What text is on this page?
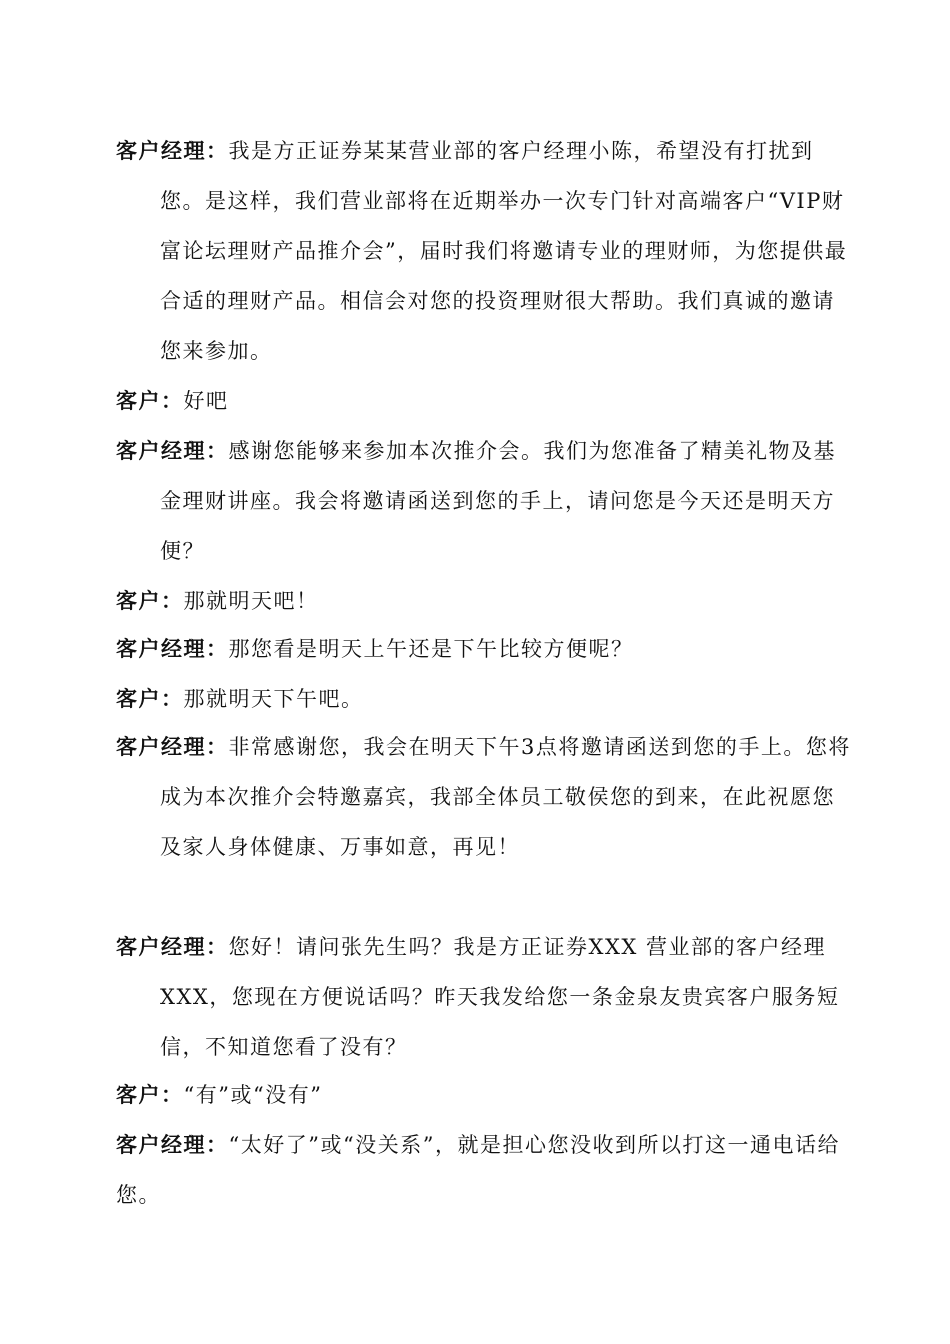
客户经理：我是方正证券某某营业部的客户经理小陈，希望没有打扰到您。是这样，我们营业部将在近期举办一次专门针对高端客户“VIP财富论坛理财产品推介会”，届时我们将邀请专业的理财师，为您提供最合适的理财产品。相信会对您的投资理财很大帮助。我们真诚的邀请您来参加。
客户：好吧
客户经理：感谢您能够来参加本次推介会。我们为您准备了精美礼物及基金理财讲座。我会将邀请函送到您的手上，请问您是今天还是明天方便？
客户：那就明天吧！
客户经理：那您看是明天上午还是下午比较方便呢？
客户：那就明天下午吧。
客户经理：非常感谢您，我会在明天下午3点将邀请函送到您的手上。您将成为本次推介会特邀嘉宾，我部全体员工敬侯您的到来，在此祝愿您及家人身体健康、万事如意，再见！
客户经理：您好！请问张先生吗？我是方正证券XXX 营业部的客户经理XXX，您现在方便说话吗？昨天我发给您一条金泉友贵宾客户服务短信，不知道您看了没有？
客户：“有”或“没有”
客户经理：“太好了”或“没关系”，就是担心您没收到所以打这一通电话给您。
